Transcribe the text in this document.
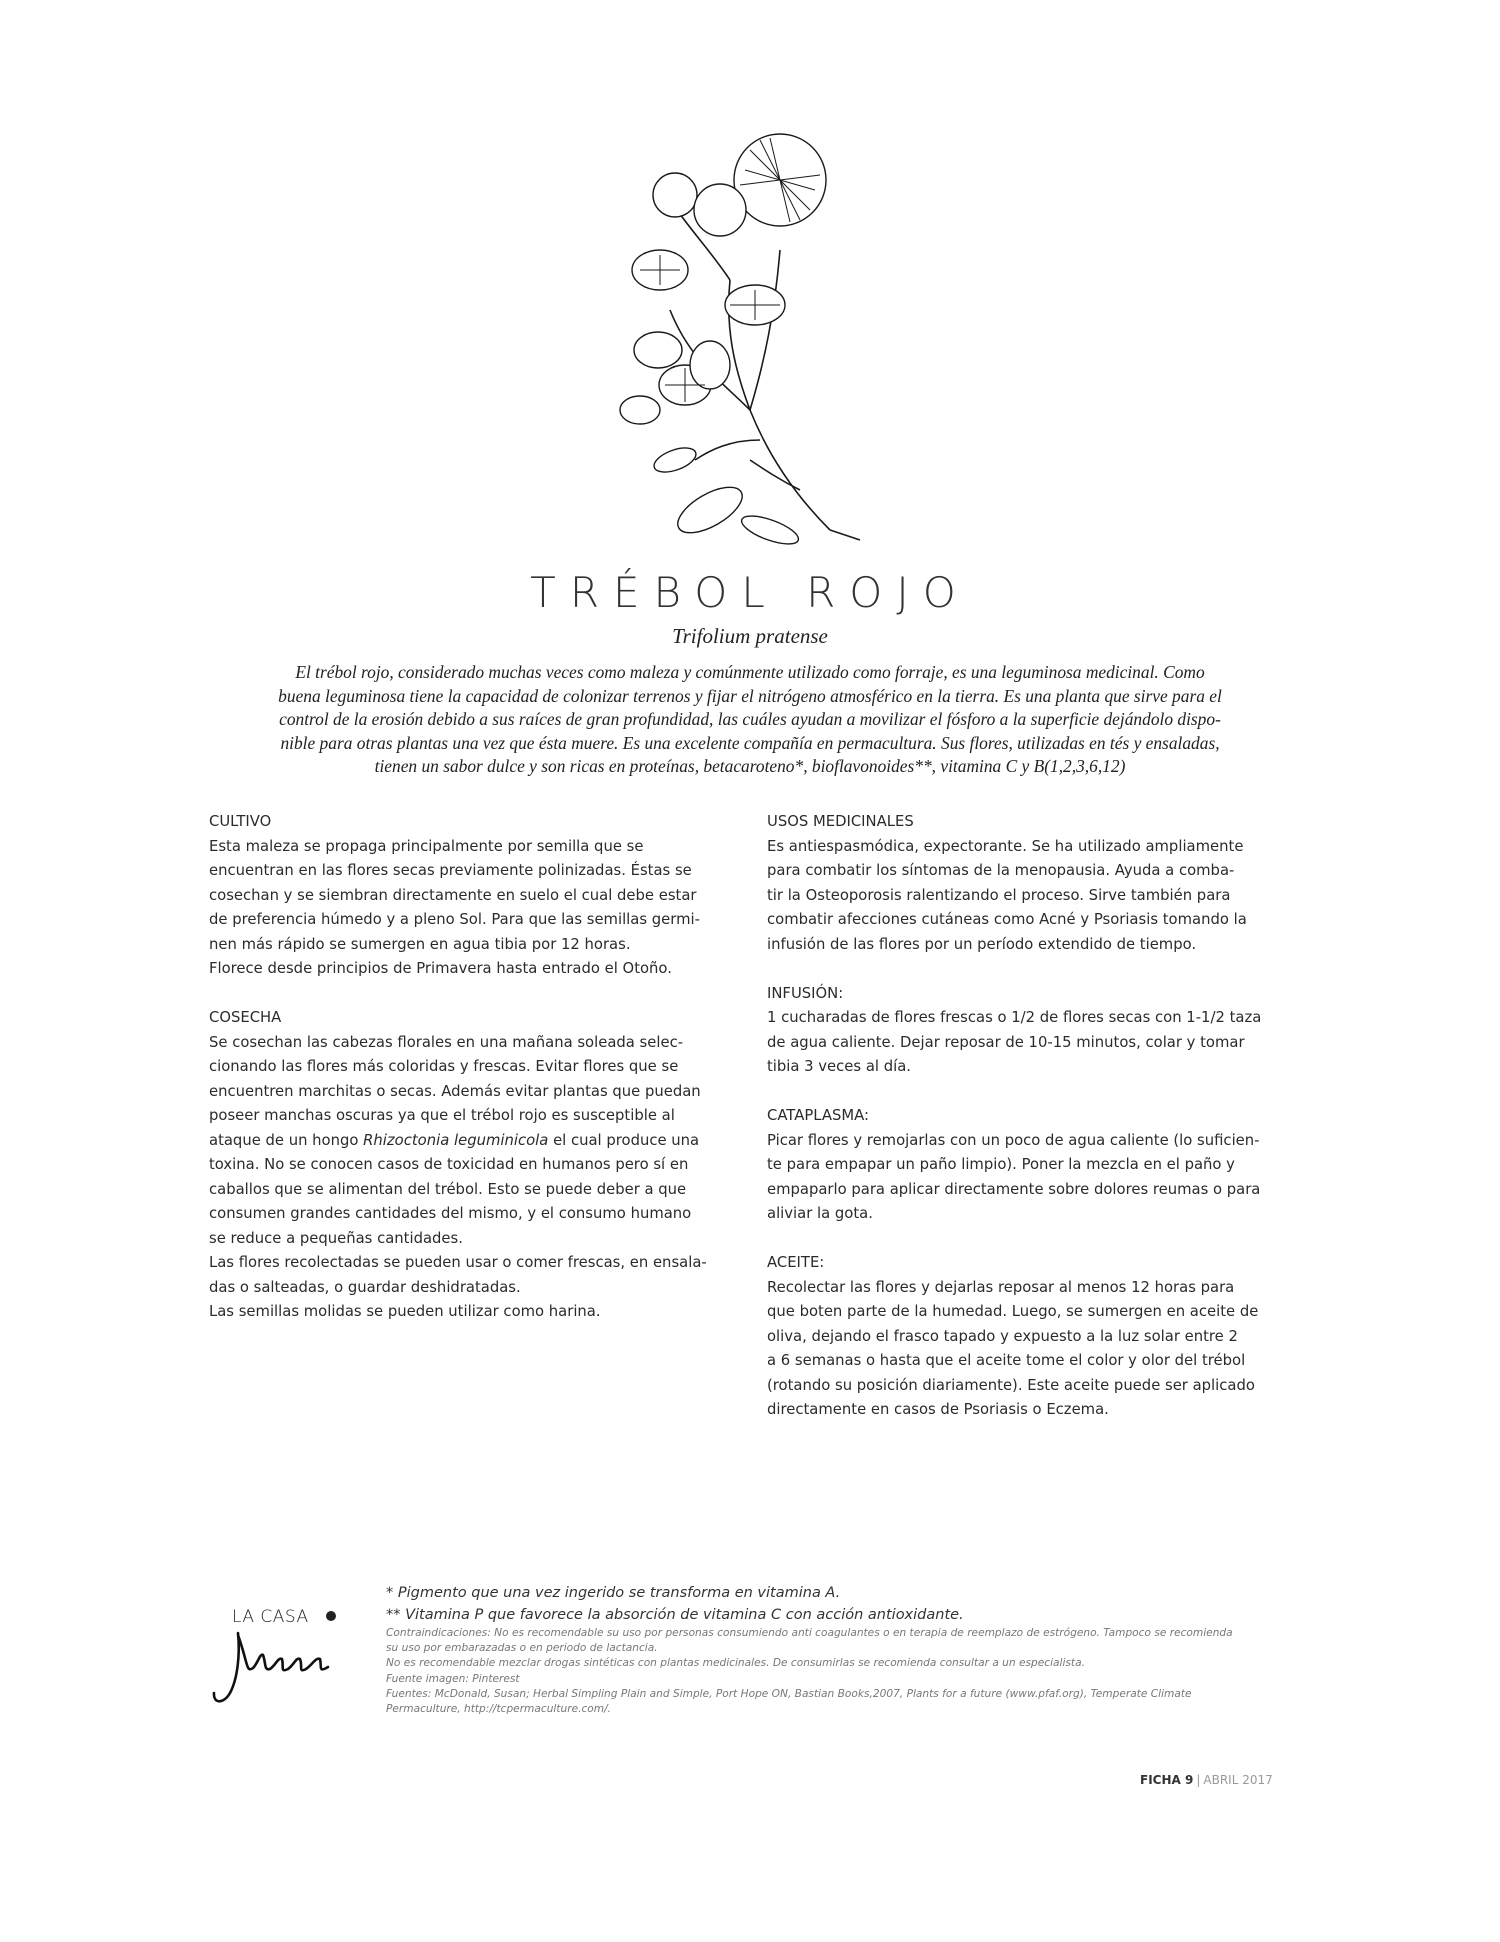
TRÉBOL ROJO
Trifolium pratense
El trébol rojo, considerado muchas veces como maleza y comúnmente utilizado como forraje, es una leguminosa medicinal. Como
buena leguminosa tiene la capacidad de colonizar terrenos y fijar el nitrógeno atmosférico en la tierra. Es una planta que sirve para el
control de la erosión debido a sus raíces de gran profundidad, las cuáles ayudan a movilizar el fósforo a la superficie dejándolo dispo-
nible para otras plantas una vez que ésta muere. Es una excelente compañía en permacultura. Sus flores, utilizadas en tés y ensaladas,
tienen un sabor dulce y son ricas en proteínas, betacaroteno*, bioflavonoides**, vitamina C y B(1,2,3,6,12)
CULTIVO
Esta maleza se propaga principalmente por semilla que se
encuentran en las flores secas previamente polinizadas. Éstas se
cosechan y se siembran directamente en suelo el cual debe estar
de preferencia húmedo y a pleno Sol. Para que las semillas germi-
nen más rápido se sumergen en agua tibia por 12 horas.
Florece desde principios de Primavera hasta entrado el Otoño.
COSECHA
Se cosechan las cabezas florales en una mañana soleada selec-
cionando las flores más coloridas y frescas. Evitar flores que se
encuentren marchitas o secas. Además evitar plantas que puedan
poseer manchas oscuras ya que el trébol rojo es susceptible al
ataque de un hongo Rhizoctonia leguminicola el cual produce una
toxina. No se conocen casos de toxicidad en humanos pero sí en
caballos que se alimentan del trébol. Esto se puede deber a que
consumen grandes cantidades del mismo, y el consumo humano
se reduce a pequeñas cantidades.
Las flores recolectadas se pueden usar o comer frescas, en ensala-
das o salteadas, o guardar deshidratadas.
Las semillas molidas se pueden utilizar como harina.
USOS MEDICINALES
Es antiespasmódica, expectorante. Se ha utilizado ampliamente
para combatir los síntomas de la menopausia. Ayuda a comba-
tir la Osteoporosis ralentizando el proceso. Sirve también para
combatir afecciones cutáneas como Acné y Psoriasis tomando la
infusión de las flores por un período extendido de tiempo.
INFUSIÓN:
1 cucharadas de flores frescas o 1/2 de flores secas con 1-1/2 taza
de agua caliente. Dejar reposar de 10-15 minutos, colar y tomar
tibia 3 veces al día.
CATAPLASMA:
Picar flores y remojarlas con un poco de agua caliente (lo suficien-
te para empapar un paño limpio). Poner la mezcla en el paño y
empaparlo para aplicar directamente sobre dolores reumas o para
aliviar la gota.
ACEITE:
Recolectar las flores y dejarlas reposar al menos 12 horas para
que boten parte de la humedad. Luego, se sumergen en aceite de
oliva, dejando el frasco tapado y expuesto a la luz solar entre 2
a 6 semanas o hasta que el aceite tome el color y olor del trébol
(rotando su posición diariamente). Este aceite puede ser aplicado
directamente en casos de Psoriasis o Eczema.
LA CASA
* Pigmento que una vez ingerido se transforma en vitamina A.
** Vitamina P que favorece la absorción de vitamina C con acción antioxidante.
Contraindicaciones: No es recomendable su uso por personas consumiendo anti coagulantes o en terapia de reemplazo de estrógeno. Tampoco se recomienda
su uso por embarazadas o en periodo de lactancia.
No es recomendable mezclar drogas sintéticas con plantas medicinales. De consumirlas se recomienda consultar a un especialista.
Fuente imagen: Pinterest
Fuentes: McDonald, Susan; Herbal Simpling Plain and Simple, Port Hope ON, Bastian Books,2007, Plants for a future (www.pfaf.org), Temperate Climate
Permaculture, http://tcpermaculture.com/.
FICHA 9 | ABRIL 2017
